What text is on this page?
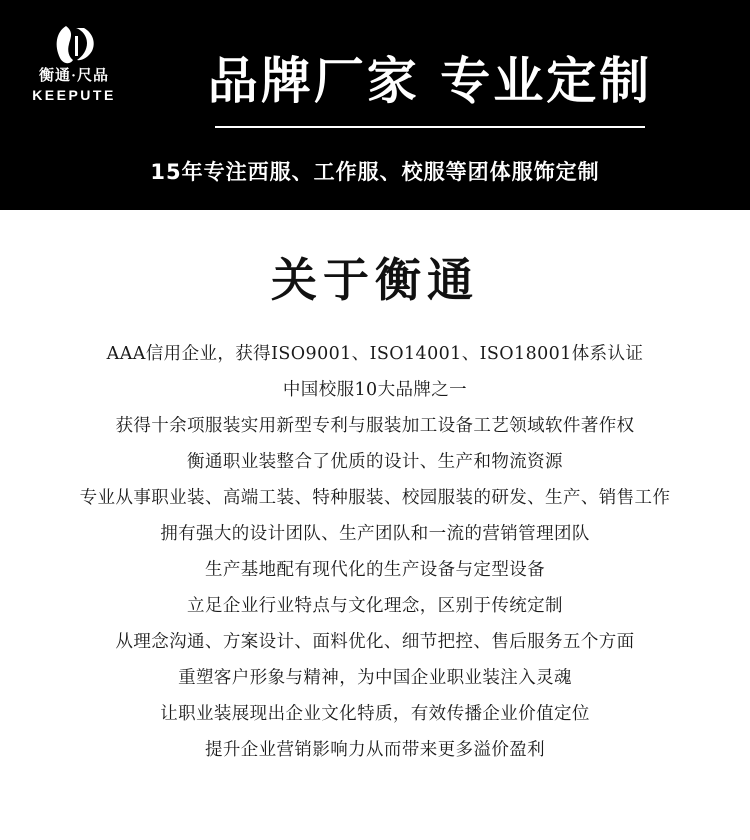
衡通·尺品
KEEPUTE	品牌厂家 专业定制
15年专注西服、工作服、校服等团体服饰定制
关于衡通
AAA信用企业，获得ISO9001、ISO14001、ISO18001体系认证
中国校服10大品牌之一
获得十余项服装实用新型专利与服装加工设备工艺领域软件著作权
衡通职业装整合了优质的设计、生产和物流资源
专业从事职业装、高端工装、特种服装、校园服装的研发、生产、销售工作
拥有强大的设计团队、生产团队和一流的营销管理团队
生产基地配有现代化的生产设备与定型设备
立足企业行业特点与文化理念，区别于传统定制
从理念沟通、方案设计、面料优化、细节把控、售后服务五个方面
重塑客户形象与精神，为中国企业职业装注入灵魂
让职业装展现出企业文化特质，有效传播企业价值定位
提升企业营销影响力从而带来更多溢价盈利
